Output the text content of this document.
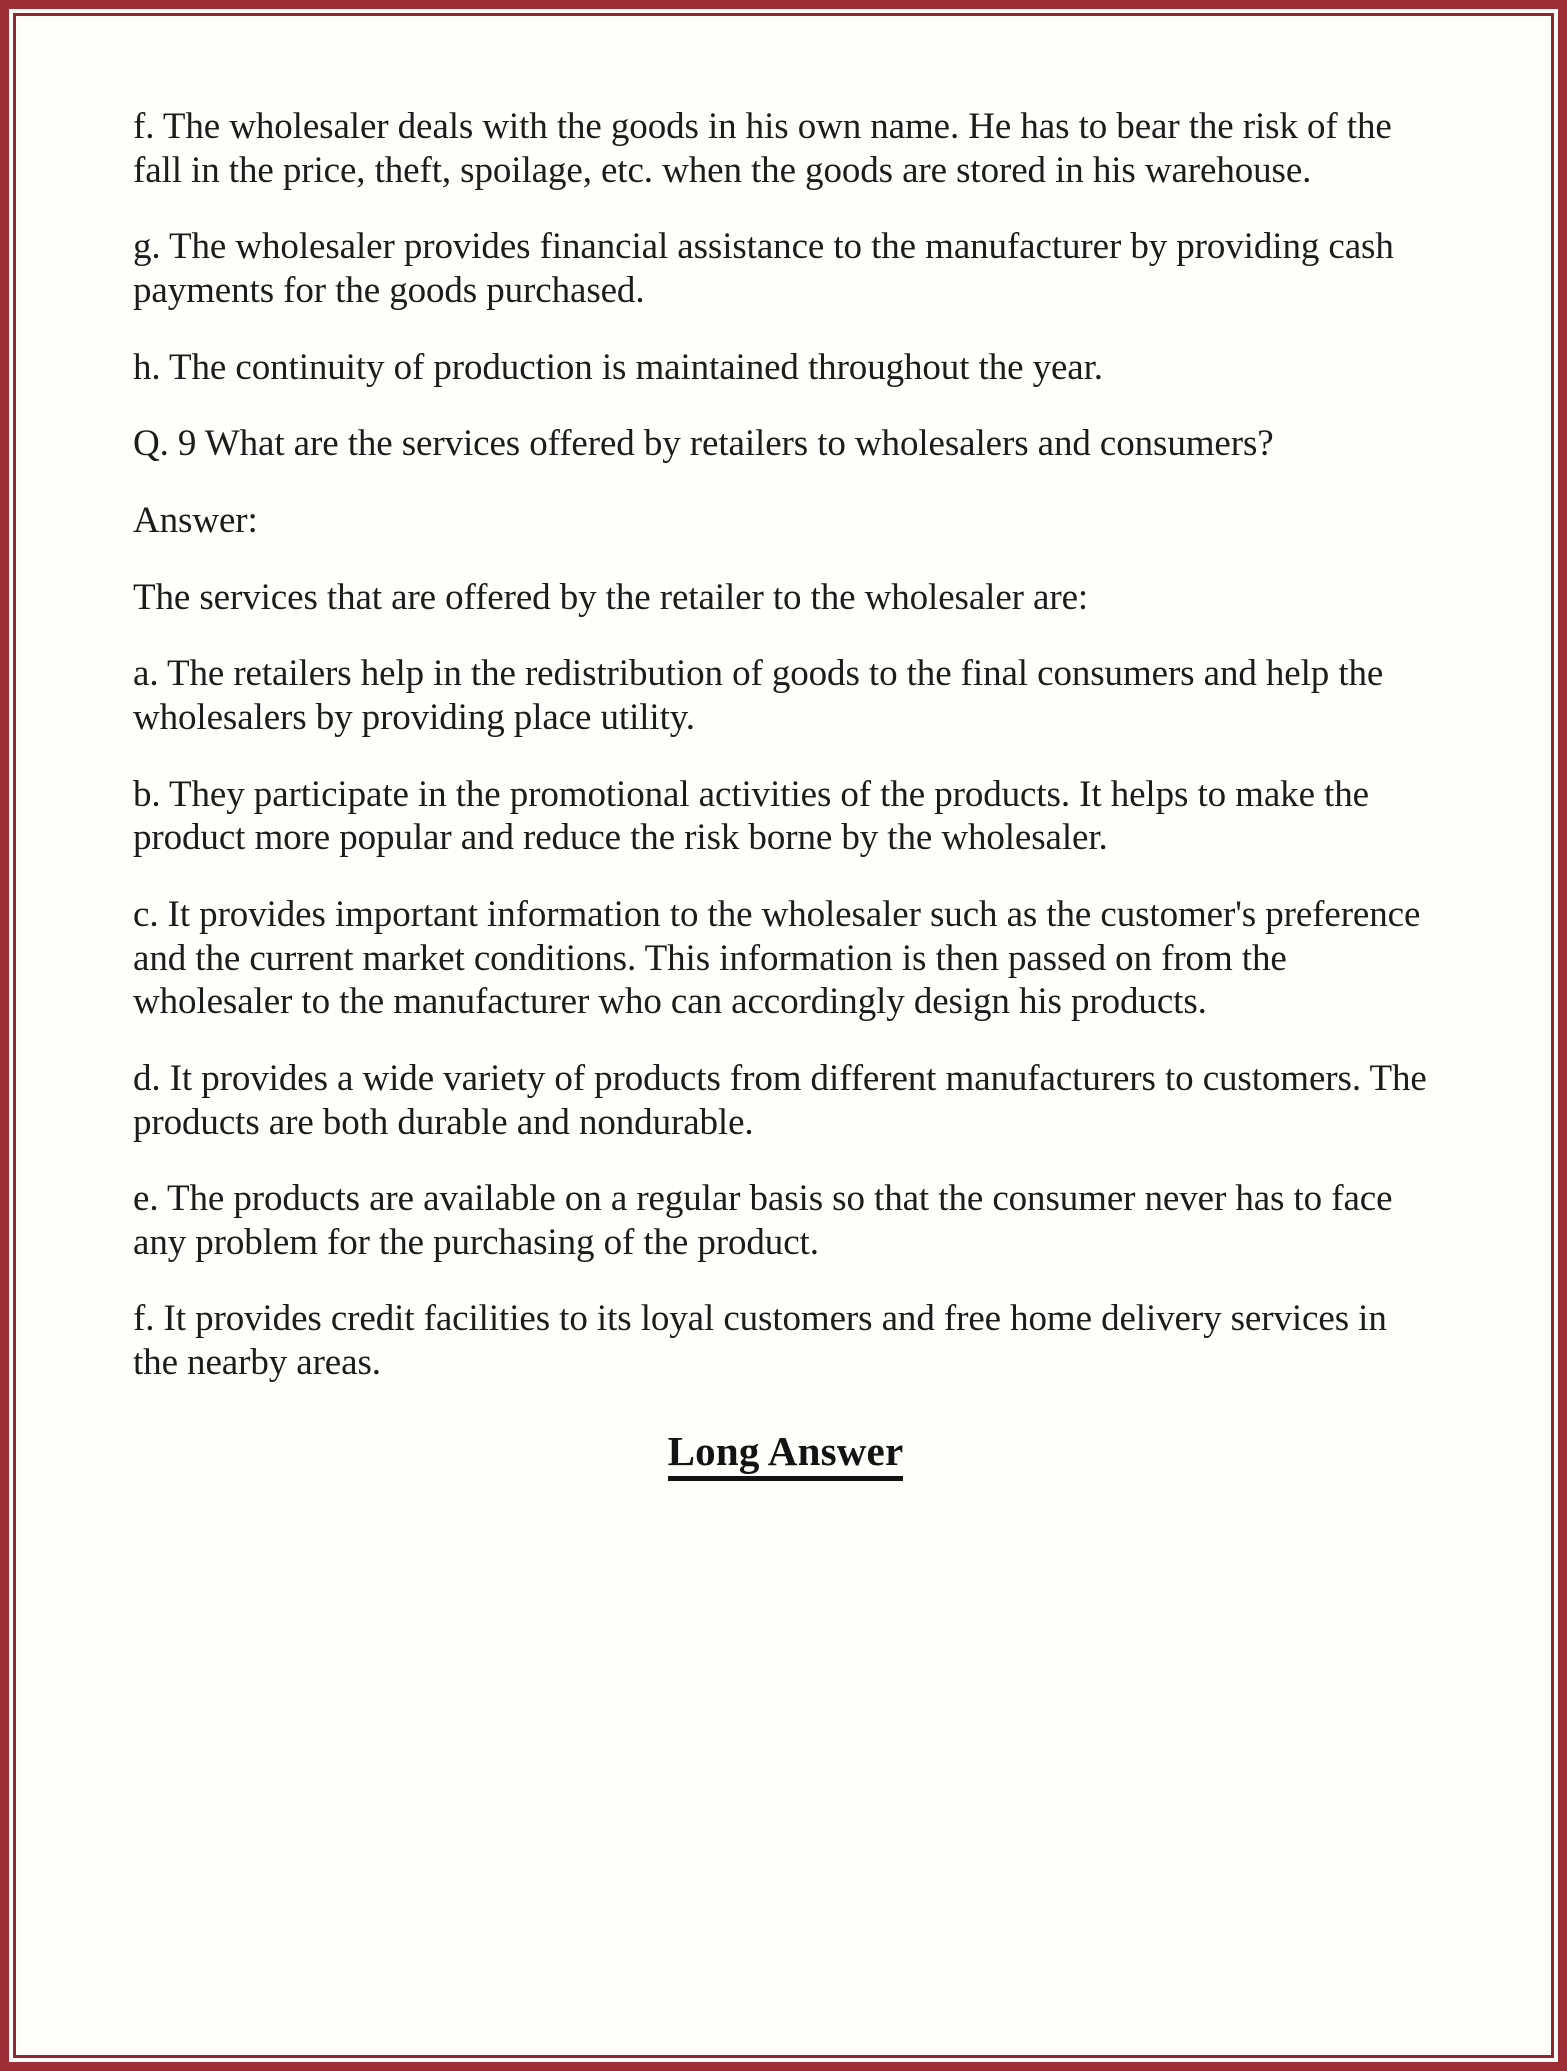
f. The wholesaler deals with the goods in his own name. He has to bear the risk of the fall in the price, theft, spoilage, etc. when the goods are stored in his warehouse.

g. The wholesaler provides financial assistance to the manufacturer by providing cash payments for the goods purchased.

h. The continuity of production is maintained throughout the year.

Q. 9 What are the services offered by retailers to wholesalers and consumers?

Answer:

The services that are offered by the retailer to the wholesaler are:

a. The retailers help in the redistribution of goods to the final consumers and help the wholesalers by providing place utility.

b. They participate in the promotional activities of the products. It helps to make the product more popular and reduce the risk borne by the wholesaler.

c. It provides important information to the wholesaler such as the customer's preference and the current market conditions. This information is then passed on from the wholesaler to the manufacturer who can accordingly design his products.

d. It provides a wide variety of products from different manufacturers to customers. The products are both durable and nondurable.

e. The products are available on a regular basis so that the consumer never has to face any problem for the purchasing of the product.

f. It provides credit facilities to its loyal customers and free home delivery services in the nearby areas.

Long Answer
